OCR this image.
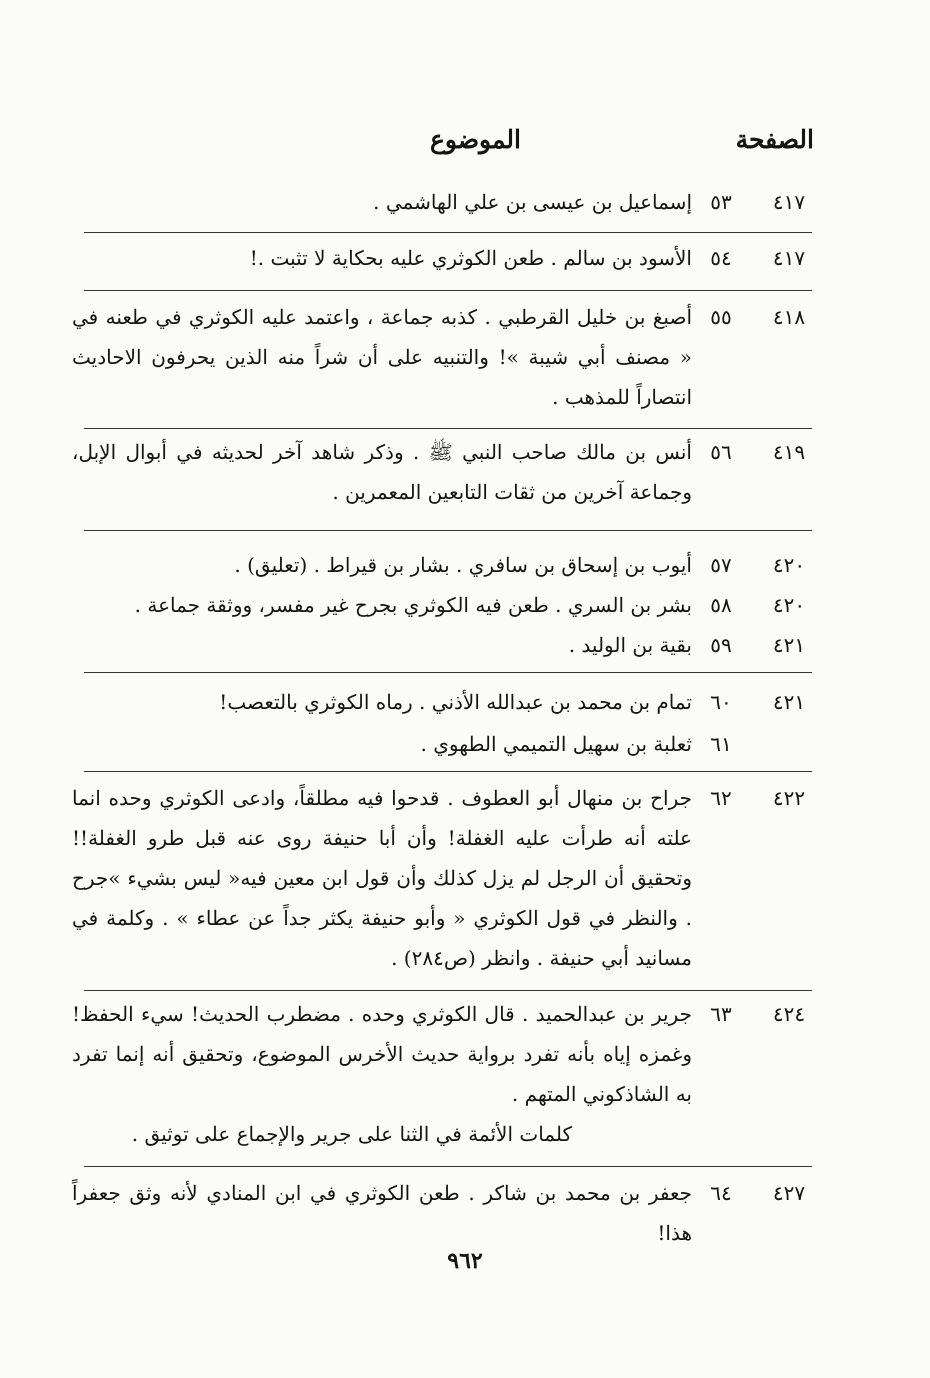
الصفحة
الموضوع
٤١٧
٥٣
إسماعيل بن عيسى بن علي الهاشمي .
٤١٧
٥٤
الأسود بن سالم . طعن الكوثري عليه بحكاية لا تثبت .!
٤١٨
٥٥
أصبغ بن خليل القرطبي . كذبه جماعة ، واعتمد عليه الكوثري في طعنه في « مصنف أبي شيبة »! والتنبيه على أن شراً منه الذين يحرفون الاحاديث انتصاراً للمذهب .
٤١٩
٥٦
أنس بن مالك صاحب النبي ﷺ . وذكر شاهد آخر لحديثه في أبوال الإبل، وجماعة آخرين من ثقات التابعين المعمرين .
٤٢٠
٥٧
أيوب بن إسحاق بن سافري . بشار بن قيراط . (تعليق) .
٤٢٠
٥٨
بشر بن السري . طعن فيه الكوثري بجرح غير مفسر، ووثقة جماعة .
٤٢١
٥٩
بقية بن الوليد .
٤٢١
٦٠
تمام بن محمد بن عبدالله الأذني . رماه الكوثري بالتعصب!
٦١
ثعلبة بن سهيل التميمي الطهوي .
٤٢٢
٦٢
جراح بن منهال أبو العطوف . قدحوا فيه مطلقاً، وادعى الكوثري وحده انما علته أنه طرأت عليه الغفلة! وأن أبا حنيفة روى عنه قبل طرو الغفلة!! وتحقيق أن الرجل لم يزل كذلك وأن قول ابن معين فيه« ليس بشيء »جرح . والنظر في قول الكوثري « وأبو حنيفة يكثر جداً عن عطاء » . وكلمة في مسانيد أبي حنيفة . وانظر (ص٢٨٤) .
٤٢٤
٦٣
جرير بن عبدالحميد . قال الكوثري وحده . مضطرب الحديث! سيء الحفظ! وغمزه إياه بأنه تفرد برواية حديث الأخرس الموضوع، وتحقيق أنه إنما تفرد به الشاذكوني المتهم .
كلمات الأئمة في الثنا على جرير والإجماع على توثيق .
٤٢٧
٦٤
جعفر بن محمد بن شاكر . طعن الكوثري في ابن المنادي لأنه وثق جعفراً هذا!
٩٦٢
